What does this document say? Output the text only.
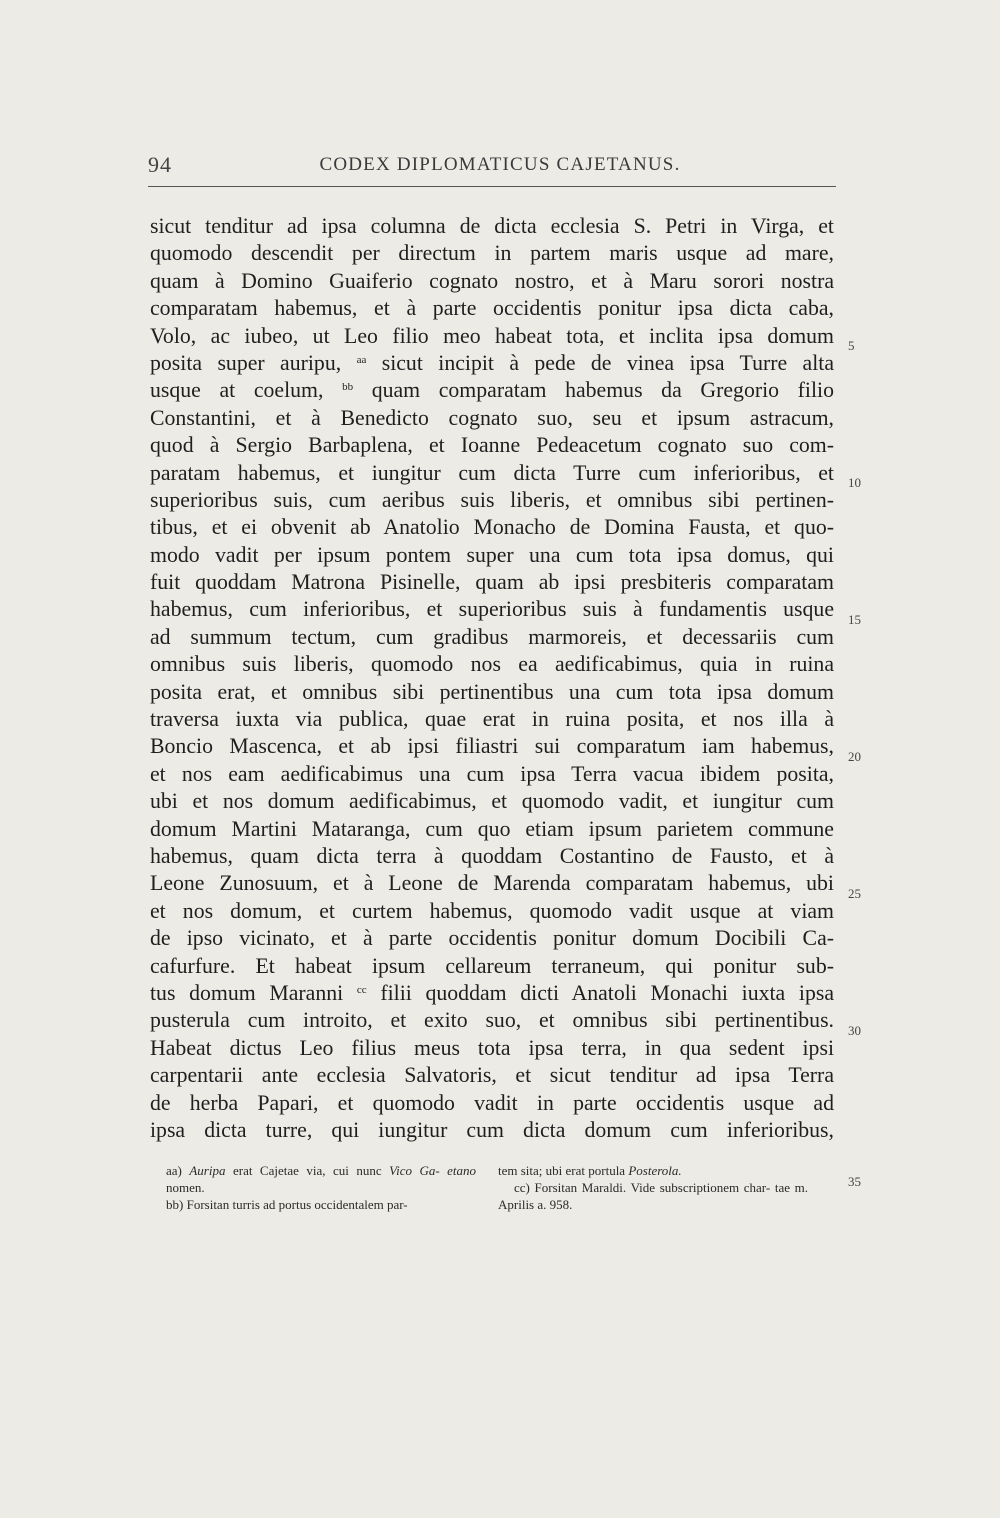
94	CODEX DIPLOMATICUS CAJETANUS.
sicut tenditur ad ipsa columna de dicta ecclesia S. Petri in Virga, et
quomodo descendit per directum in partem maris usque ad mare,
quam à Domino Guaiferio cognato nostro, et à Maru sorori nostra
comparatam habemus, et à parte occidentis ponitur ipsa dicta caba,
Volo, ac iubeo, ut Leo filio meo habeat tota, et inclita ipsa domum
posita super auripu, $^{aa}$ sicut incipit à pede de vinea ipsa Turre alta
usque at coelum, $^{bb}$ quam comparatam habemus da Gregorio filio
Constantini, et à Benedicto cognato suo, seu et ipsum astracum,
quod à Sergio Barbaplena, et Ioanne Pedeacetum cognato suo com-
paratam habemus, et iungitur cum dicta Turre cum inferioribus, et
superioribus suis, cum aeribus suis liberis, et omnibus sibi pertinen-
tibus, et ei obvenit ab Anatolio Monacho de Domina Fausta, et quo-
modo vadit per ipsum pontem super una cum tota ipsa domus, qui
fuit quoddam Matrona Pisinelle, quam ab ipsi presbiteris comparatam
habemus, cum inferioribus, et superioribus suis à fundamentis usque
ad summum tectum, cum gradibus marmoreis, et decessariis cum
omnibus suis liberis, quomodo nos ea aedificabimus, quia in ruina
posita erat, et omnibus sibi pertinentibus una cum tota ipsa domum
traversa iuxta via publica, quae erat in ruina posita, et nos illa à
Boncio Mascenca, et ab ipsi filiastri sui comparatum iam habemus,
et nos eam aedificabimus una cum ipsa Terra vacua ibidem posita,
ubi et nos domum aedificabimus, et quomodo vadit, et iungitur cum
domum Martini Mataranga, cum quo etiam ipsum parietem commune
habemus, quam dicta terra à quoddam Costantino de Fausto, et à
Leone Zunosuum, et à Leone de Marenda comparatam habemus, ubi
et nos domum, et curtem habemus, quomodo vadit usque at viam
de ipso vicinato, et à parte occidentis ponitur domum Docibili Ca-
cafurfure. Et habeat ipsum cellareum terraneum, qui ponitur sub-
tus domum Maranni $^{cc}$ filii quoddam dicti Anatoli Monachi iuxta ipsa
pusterula cum introito, et exito suo, et omnibus sibi pertinentibus.
Habeat dictus Leo filius meus tota ipsa terra, in qua sedent ipsi
carpentarii ante ecclesia Salvatoris, et sicut tenditur ad ipsa Terra
de herba Papari, et quomodo vadit in parte occidentis usque ad
ipsa dicta turre, qui iungitur cum dicta domum cum inferioribus,
5
10
15
20
25
30
35
aa) Auripa erat Cajetae via, cui nunc Vico Ga- etano nomen.
bb) Forsitan turris ad portus occidentalem par-
tem sita; ubi erat portula Posterola.
cc) Forsitan Maraldi. Vide subscriptionem char- tae m. Aprilis a. 958.
